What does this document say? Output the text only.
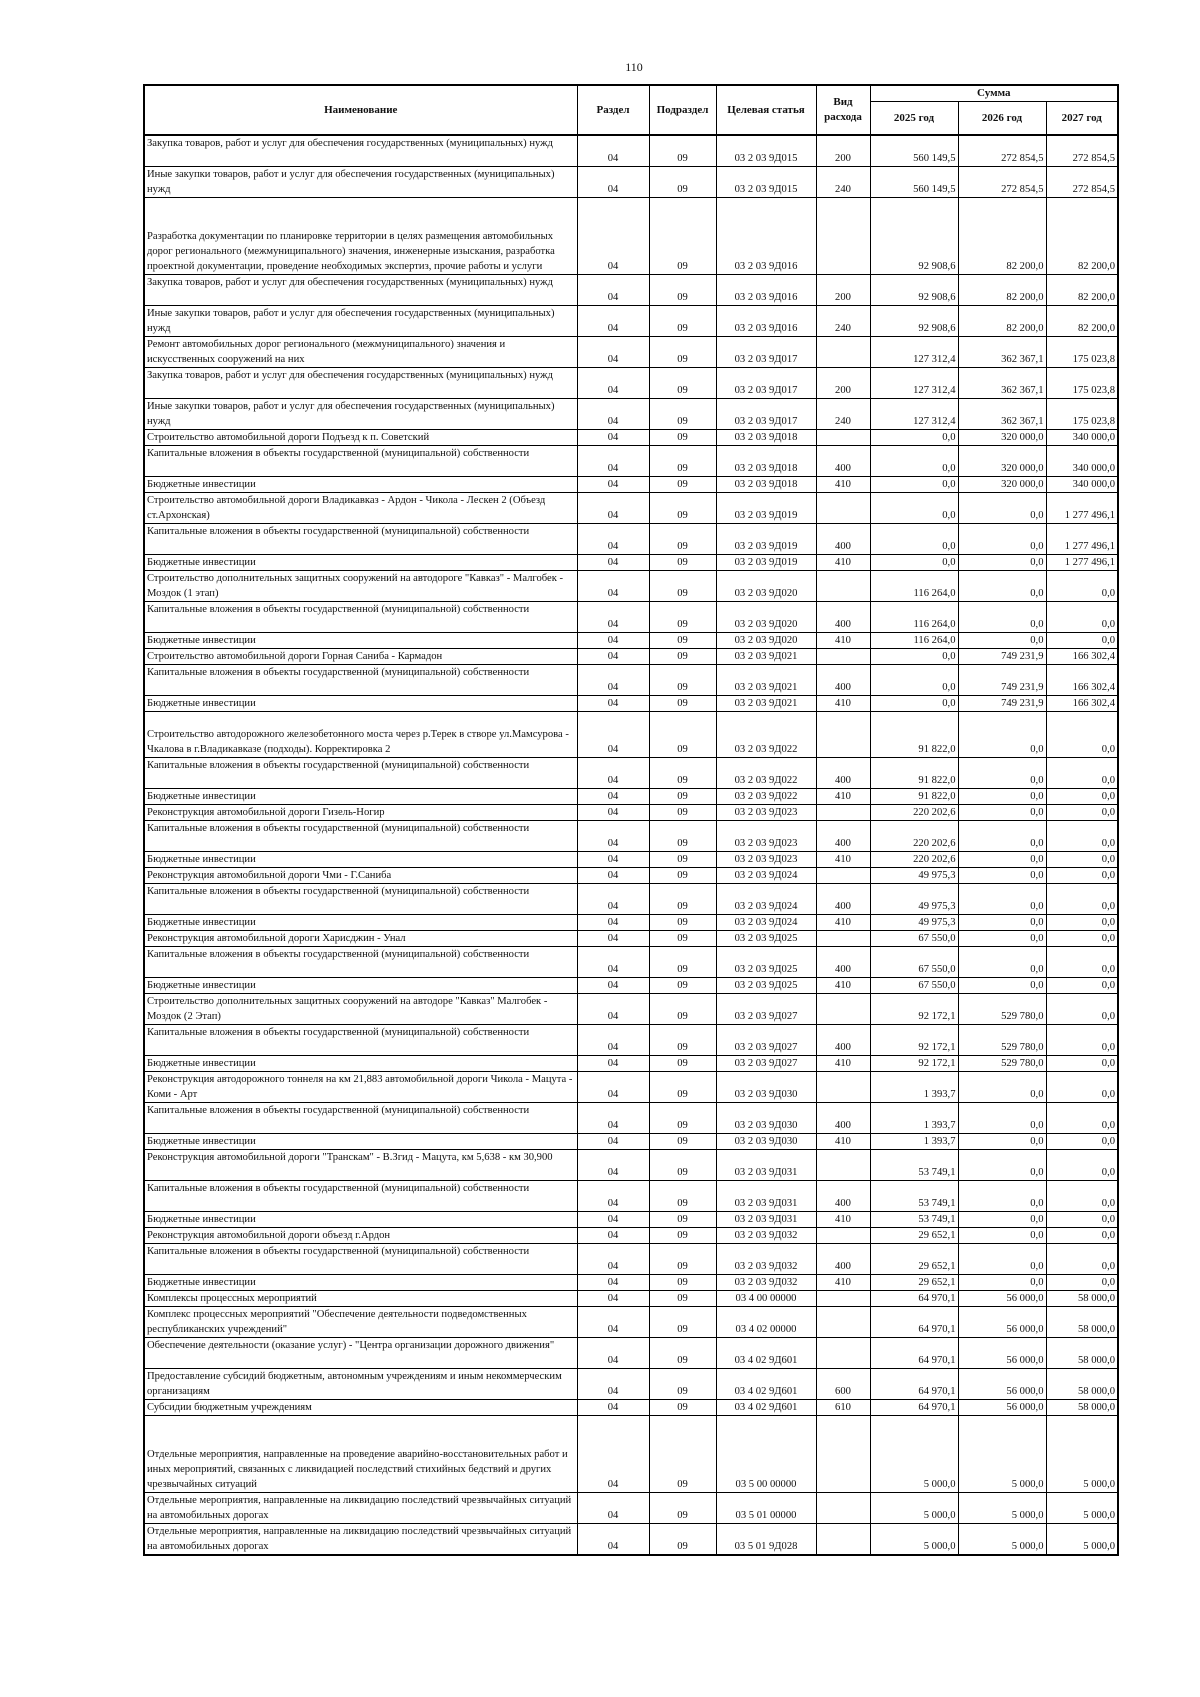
110
Наименование	Раздел	Подраздел	Целевая статья	Вид расхода	Сумма		
					2025 год	2026 год	2027 год
Закупка товаров, работ и услуг для обеспечения государственных (муниципальных) нужд	04	09	03 2 03 9Д015	200	560 149,5	272 854,5	272 854,5
Иные закупки товаров, работ и услуг для обеспечения государственных (муниципальных) нужд	04	09	03 2 03 9Д015	240	560 149,5	272 854,5	272 854,5
Разработка документации по планировке территории в целях размещения автомобильных дорог регионального (межмуниципального) значения, инженерные изыскания, разработка проектной документации, проведение необходимых экспертиз, прочие работы и услуги	04	09	03 2 03 9Д016		92 908,6	82 200,0	82 200,0
Закупка товаров, работ и услуг для обеспечения государственных (муниципальных) нужд	04	09	03 2 03 9Д016	200	92 908,6	82 200,0	82 200,0
Иные закупки товаров, работ и услуг для обеспечения государственных (муниципальных) нужд	04	09	03 2 03 9Д016	240	92 908,6	82 200,0	82 200,0
Ремонт автомобильных дорог регионального (межмуниципального) значения и искусственных сооружений на них	04	09	03 2 03 9Д017		127 312,4	362 367,1	175 023,8
Закупка товаров, работ и услуг для обеспечения государственных (муниципальных) нужд	04	09	03 2 03 9Д017	200	127 312,4	362 367,1	175 023,8
Иные закупки товаров, работ и услуг для обеспечения государственных (муниципальных) нужд	04	09	03 2 03 9Д017	240	127 312,4	362 367,1	175 023,8
Строительство автомобильной дороги Подъезд к п. Советский	04	09	03 2 03 9Д018		0,0	320 000,0	340 000,0
Капитальные вложения в объекты государственной (муниципальной) собственности	04	09	03 2 03 9Д018	400	0,0	320 000,0	340 000,0
Бюджетные инвестиции	04	09	03 2 03 9Д018	410	0,0	320 000,0	340 000,0
Строительство автомобильной дороги Владикавказ - Ардон - Чикола - Лескен 2 (Объезд ст.Архонская)	04	09	03 2 03 9Д019		0,0	0,0	1 277 496,1
Капитальные вложения в объекты государственной (муниципальной) собственности	04	09	03 2 03 9Д019	400	0,0	0,0	1 277 496,1
Бюджетные инвестиции	04	09	03 2 03 9Д019	410	0,0	0,0	1 277 496,1
Строительство дополнительных защитных сооружений на автодороге "Кавказ" - Малгобек - Моздок (1 этап)	04	09	03 2 03 9Д020		116 264,0	0,0	0,0
Капитальные вложения в объекты государственной (муниципальной) собственности	04	09	03 2 03 9Д020	400	116 264,0	0,0	0,0
Бюджетные инвестиции	04	09	03 2 03 9Д020	410	116 264,0	0,0	0,0
Строительство автомобильной дороги Горная Саниба - Кармадон	04	09	03 2 03 9Д021		0,0	749 231,9	166 302,4
Капитальные вложения в объекты государственной (муниципальной) собственности	04	09	03 2 03 9Д021	400	0,0	749 231,9	166 302,4
Бюджетные инвестиции	04	09	03 2 03 9Д021	410	0,0	749 231,9	166 302,4
Строительство автодорожного железобетонного моста через р.Терек в створе ул.Мамсурова - Чкалова в г.Владикавказе (подходы). Корректировка 2	04	09	03 2 03 9Д022		91 822,0	0,0	0,0
Капитальные вложения в объекты государственной (муниципальной) собственности	04	09	03 2 03 9Д022	400	91 822,0	0,0	0,0
Бюджетные инвестиции	04	09	03 2 03 9Д022	410	91 822,0	0,0	0,0
Реконструкция автомобильной дороги Гизель-Ногир	04	09	03 2 03 9Д023		220 202,6	0,0	0,0
Капитальные вложения в объекты государственной (муниципальной) собственности	04	09	03 2 03 9Д023	400	220 202,6	0,0	0,0
Бюджетные инвестиции	04	09	03 2 03 9Д023	410	220 202,6	0,0	0,0
Реконструкция автомобильной дороги Чми - Г.Саниба	04	09	03 2 03 9Д024		49 975,3	0,0	0,0
Капитальные вложения в объекты государственной (муниципальной) собственности	04	09	03 2 03 9Д024	400	49 975,3	0,0	0,0
Бюджетные инвестиции	04	09	03 2 03 9Д024	410	49 975,3	0,0	0,0
Реконструкция автомобильной дороги Харисджин - Унал	04	09	03 2 03 9Д025		67 550,0	0,0	0,0
Капитальные вложения в объекты государственной (муниципальной) собственности	04	09	03 2 03 9Д025	400	67 550,0	0,0	0,0
Бюджетные инвестиции	04	09	03 2 03 9Д025	410	67 550,0	0,0	0,0
Строительство дополнительных защитных сооружений на автодоре "Кавказ" Малгобек - Моздок (2 Этап)	04	09	03 2 03 9Д027		92 172,1	529 780,0	0,0
Капитальные вложения в объекты государственной (муниципальной) собственности	04	09	03 2 03 9Д027	400	92 172,1	529 780,0	0,0
Бюджетные инвестиции	04	09	03 2 03 9Д027	410	92 172,1	529 780,0	0,0
Реконструкция автодорожного тоннеля на км 21,883 автомобильной дороги Чикола - Мацута - Коми - Арт	04	09	03 2 03 9Д030		1 393,7	0,0	0,0
Капитальные вложения в объекты государственной (муниципальной) собственности	04	09	03 2 03 9Д030	400	1 393,7	0,0	0,0
Бюджетные инвестиции	04	09	03 2 03 9Д030	410	1 393,7	0,0	0,0
Реконструкция автомобильной дороги "Транскам" - В.Згид - Мацута, км 5,638 - км 30,900	04	09	03 2 03 9Д031		53 749,1	0,0	0,0
Капитальные вложения в объекты государственной (муниципальной) собственности	04	09	03 2 03 9Д031	400	53 749,1	0,0	0,0
Бюджетные инвестиции	04	09	03 2 03 9Д031	410	53 749,1	0,0	0,0
Реконструкция автомобильной дороги объезд г.Ардон	04	09	03 2 03 9Д032		29 652,1	0,0	0,0
Капитальные вложения в объекты государственной (муниципальной) собственности	04	09	03 2 03 9Д032	400	29 652,1	0,0	0,0
Бюджетные инвестиции	04	09	03 2 03 9Д032	410	29 652,1	0,0	0,0
Комплексы процессных мероприятий	04	09	03 4 00 00000		64 970,1	56 000,0	58 000,0
Комплекс процессных мероприятий "Обеспечение деятельности подведомственных республиканских учреждений"	04	09	03 4 02 00000		64 970,1	56 000,0	58 000,0
Обеспечение деятельности (оказание услуг) - "Центра организации дорожного движения"	04	09	03 4 02 9Д601		64 970,1	56 000,0	58 000,0
Предоставление субсидий бюджетным, автономным учреждениям и иным некоммерческим организациям	04	09	03 4 02 9Д601	600	64 970,1	56 000,0	58 000,0
Субсидии бюджетным учреждениям	04	09	03 4 02 9Д601	610	64 970,1	56 000,0	58 000,0
Отдельные мероприятия, направленные на проведение аварийно-восстановительных работ и иных мероприятий, связанных с ликвидацией последствий стихийных бедствий и других чрезвычайных ситуаций	04	09	03 5 00 00000		5 000,0	5 000,0	5 000,0
Отдельные мероприятия, направленные на ликвидацию последствий чрезвычайных ситуаций на автомобильных дорогах	04	09	03 5 01 00000		5 000,0	5 000,0	5 000,0
Отдельные мероприятия, направленные на ликвидацию последствий чрезвычайных ситуаций на автомобильных дорогах	04	09	03 5 01 9Д028		5 000,0	5 000,0	5 000,0
